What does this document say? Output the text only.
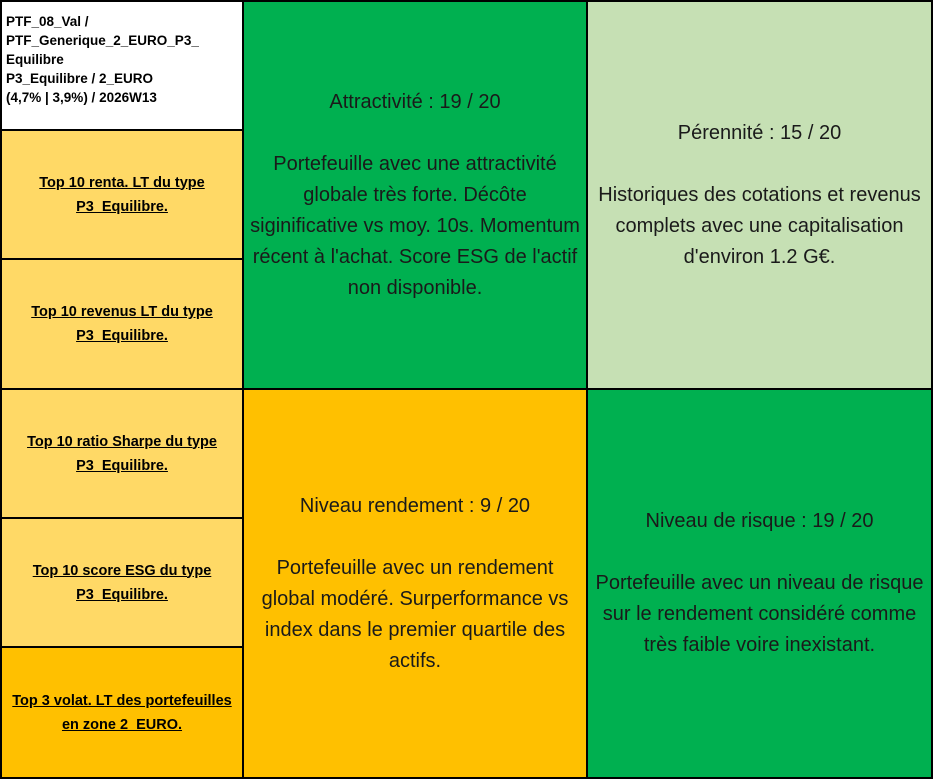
PTF_08_Val /
PTF_Generique_2_EURO_P3_
Equilibre
P3_Equilibre / 2_EURO
(4,7% | 3,9%) / 2026W13
Top 10 renta. LT du type P3_Equilibre.
Top 10 revenus LT du type P3_Equilibre.
Top 10 ratio Sharpe du type P3_Equilibre.
Top 10 score ESG du type P3_Equilibre.
Top 3 volat. LT des portefeuilles en zone 2_EURO.
Attractivité : 19 / 20
Portefeuille avec une attractivité globale très forte. Décôte siginificative vs moy. 10s. Momentum récent à l'achat. Score ESG de l'actif non disponible.
Pérennité : 15 / 20
Historiques des cotations et revenus complets avec une capitalisation d'environ 1.2 G€.
Niveau rendement : 9 / 20
Portefeuille avec un rendement global modéré. Surperformance vs index dans le premier quartile des actifs.
Niveau de risque : 19 / 20
Portefeuille avec un niveau de risque sur le rendement considéré comme très faible voire inexistant.
